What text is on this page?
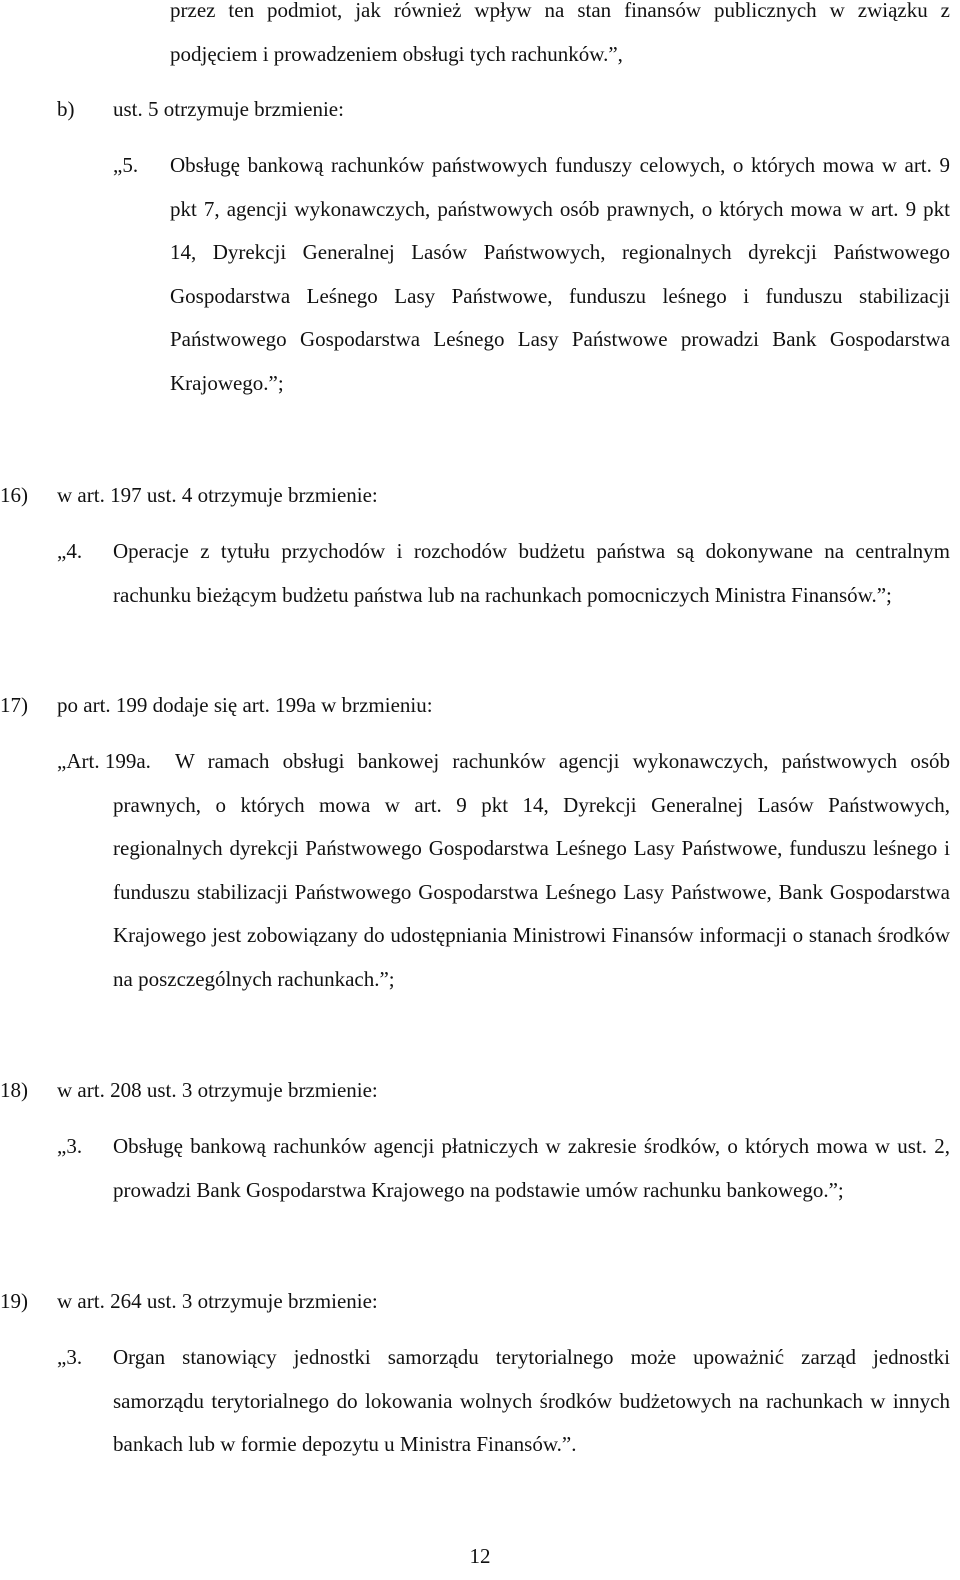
przez ten podmiot, jak również wpływ na stan finansów publicznych w związku z podjęciem i prowadzeniem obsługi tych rachunków.”,
b) ust. 5 otrzymuje brzmienie:
„5. Obsługę bankową rachunków państwowych funduszy celowych, o których mowa w art. 9 pkt 7, agencji wykonawczych, państwowych osób prawnych, o których mowa w art. 9 pkt 14, Dyrekcji Generalnej Lasów Państwowych, regionalnych dyrekcji Państwowego Gospodarstwa Leśnego Lasy Państwowe, funduszu leśnego i funduszu stabilizacji Państwowego Gospodarstwa Leśnego Lasy Państwowe prowadzi Bank Gospodarstwa Krajowego.”;
16) w art. 197 ust. 4 otrzymuje brzmienie:
„4. Operacje z tytułu przychodów i rozchodów budżetu państwa są dokonywane na centralnym rachunku bieżącym budżetu państwa lub na rachunkach pomocniczych Ministra Finansów.”;
17) po art. 199 dodaje się art. 199a w brzmieniu:
„Art. 199a.	W ramach obsługi bankowej rachunków agencji wykonawczych, państwowych osób prawnych, o których mowa w art. 9 pkt 14, Dyrekcji Generalnej Lasów Państwowych, regionalnych dyrekcji Państwowego Gospodarstwa Leśnego Lasy Państwowe, funduszu leśnego i funduszu stabilizacji Państwowego Gospodarstwa Leśnego Lasy Państwowe, Bank Gospodarstwa Krajowego jest zobowiązany do udostępniania Ministrowi Finansów informacji o stanach środków na poszczególnych rachunkach.”;
18) w art. 208 ust. 3 otrzymuje brzmienie:
„3. Obsługę bankową rachunków agencji płatniczych w zakresie środków, o których mowa w ust. 2, prowadzi Bank Gospodarstwa Krajowego na podstawie umów rachunku bankowego.”;
19) w art. 264 ust. 3 otrzymuje brzmienie:
„3. Organ stanowiący jednostki samorządu terytorialnego może upoważnić zarząd jednostki samorządu terytorialnego do lokowania wolnych środków budżetowych na rachunkach w innych bankach lub w formie depozytu u Ministra Finansów.”.
12
